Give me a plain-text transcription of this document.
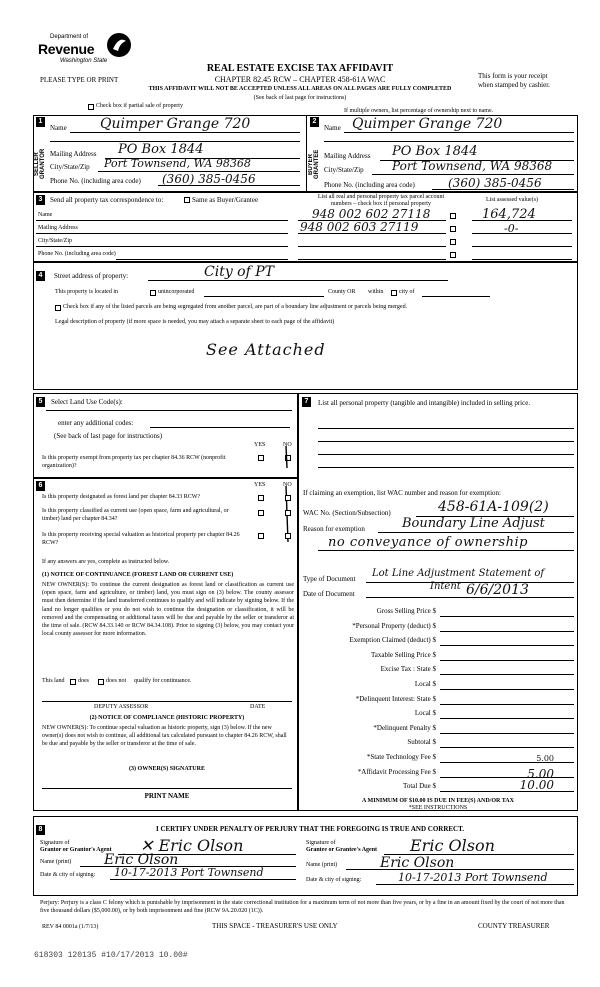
Department of
Revenue
Washington State
PLEASE TYPE OR PRINT
REAL ESTATE EXCISE TAX AFFIDAVIT
CHAPTER 82.45 RCW – CHAPTER 458-61A WAC
THIS AFFIDAVIT WILL NOT BE ACCEPTED UNLESS ALL AREAS ON ALL PAGES ARE FULLY COMPLETED
(See back of last page for instructions)
This form is your receipt
when stamped by cashier.
Check box if partial sale of property
If multiple owners, list percentage of ownership next to name.
1
SELLER GRANTOR
Name Quimper Grange 720
Mailing Address PO Box 1844
City/State/Zip Port Townsend, WA 98368
Phone No. (including area code) (360) 385-0456
2
BUYER GRANTEE
Name Quimper Grange 720
Mailing Address PO Box 1844
City/State/Zip Port Townsend, WA 98368
Phone No. (including area code)	(360) 385-0456
3	Send all property tax correspondence to:	Same as Buyer/Grantee	List all real and personal property tax parcel account
numbers – check box if personal property
List assessed value(s)
Name
Mailing Address
City/State/Zip
Phone No. (including area code)
948 002 602 27118
948 002 603 27119
164,724
-0-
4	Street address of property:	City of PT
This property is located in	unincorporated	County OR within	city of
Check box if any of the listed parcels are being segregated from another parcel, are part of a boundary line adjustment or parcels being merged.
Legal description of property (if more space is needed, you may attach a separate sheet to each page of the affidavit)
See Attached
5	Select Land Use Code(s):
enter any additional codes:
(See back of last page for instructions)
YES	NO
Is this property exempt from property tax per chapter 84.36 RCW (nonprofit organization)?
6	YES	NO
Is this property designated as forest land per chapter 84.33 RCW?
Is this property classified as current use (open space, farm and agricultural, or timber) land per chapter 84.34?
Is this property receiving special valuation as historical property per chapter 84.26 RCW?
If any answers are yes, complete as instructed below.
(1) NOTICE OF CONTINUANCE (FOREST LAND OR CURRENT USE)
NEW OWNER(S): To continue the current designation as forest land or classification as current use (open space, farm and agriculture, or timber) land, you must sign on (3) below. The county assessor must then determine if the land transferred continues to qualify and will indicate by signing below. If the land no longer qualifies or you do not wish to continue the designation or classification, it will be removed and the compensating or additional taxes will be due and payable by the seller or transferor at the time of sale. (RCW 84.33.140 or RCW 84.34.108). Prior to signing (3) below, you may contact your local county assessor for more information.
This land does	does not qualify for continuance.
DEPUTY ASSESSOR	DATE
(2) NOTICE OF COMPLIANCE (HISTORIC PROPERTY)
NEW OWNER(S): To continue special valuation as historic property, sign (3) below. If the new owner(s) does not wish to continue, all additional tax calculated pursuant to chapter 84.26 RCW, shall be due and payable by the seller or transferor at the time of sale.
(3) OWNER(S) SIGNATURE
PRINT NAME
7	List all personal property (tangible and intangible) included in selling price.
If claiming an exemption, list WAC number and reason for exemption:
WAC No. (Section/Subsection)	458-61A-109(2)
Reason for exemption	Boundary Line Adjust
no conveyance of ownership
Type of Document Lot Line Adjustment Statement of
Intent
Date of Document	6/6/2013
Gross Selling Price $
*Personal Property (deduct) $
Exemption Claimed (deduct) $
Taxable Selling Price $
Excise Tax : State $
Local $
*Delinquent Interest: State $
Local $
*Delinquent Penalty $
Subtotal $
*State Technology Fee $	5.00
*Affidavit Processing Fee $	5.00
Total Due $	10.00
A MINIMUM OF $10.00 IS DUE IN FEE(S) AND/OR TAX
*SEE INSTRUCTIONS
8	I CERTIFY UNDER PENALTY OF PERJURY THAT THE FOREGOING IS TRUE AND CORRECT.
Signature of
Grantor or Grantor's Agent ✕ Eric Olson
Name (print) Eric Olson
Date & city of signing: 10-17-2013 Port Townsend
Signature of
Grantee or Grantee's Agent Eric Olson
Name (print)	Eric Olson
Date & city of signing:	10-17-2013 Port Townsend
Perjury: Perjury is a class C felony which is punishable by imprisonment in the state correctional institution for a maximum term of not more than five years, or by a fine in an amount fixed by the court of not more than five thousand dollars ($5,000.00), or by both imprisonment and fine (RCW 9A.20.020 (1C)).
REV 84 0001a (1/7/13)	THIS SPACE - TREASURER'S USE ONLY	COUNTY TREASURER
618303 120135 #10/17/2013 10.00#
